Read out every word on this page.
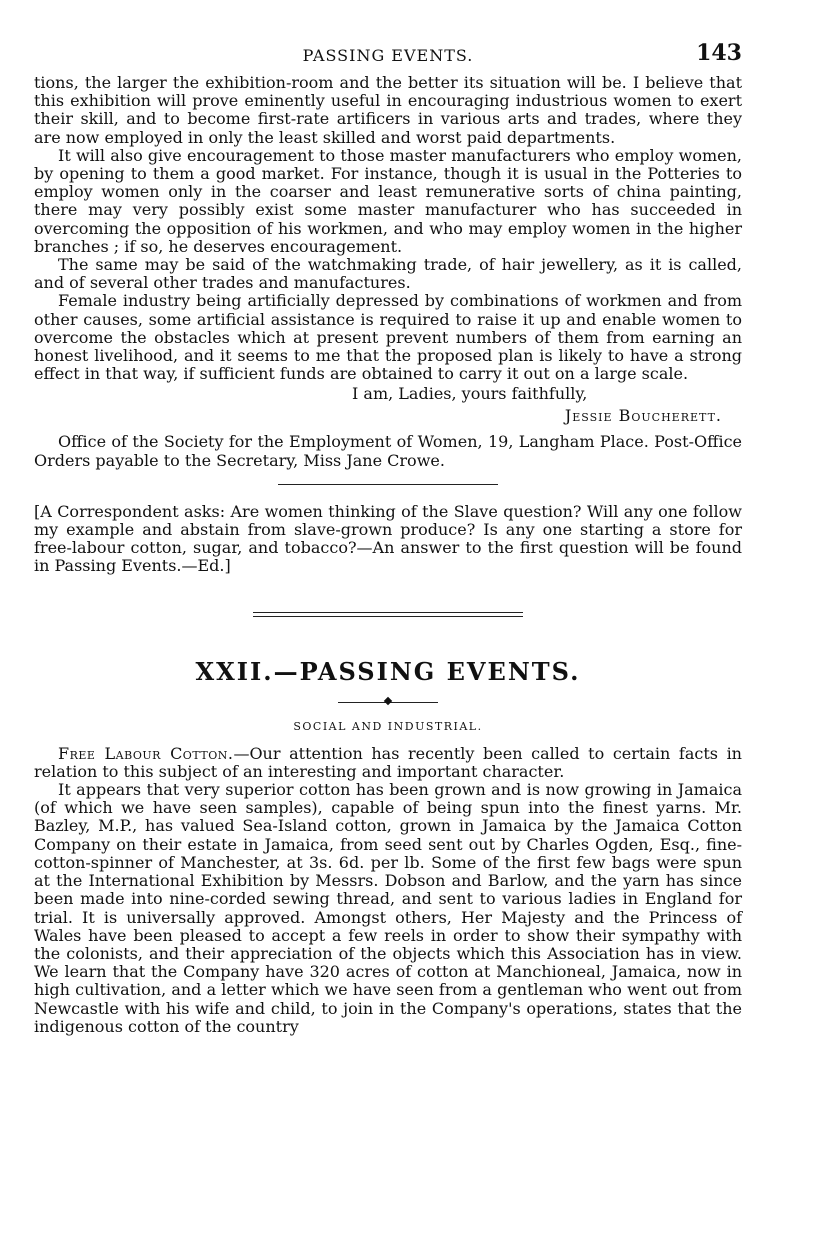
PASSING EVENTS.	143

tions, the larger the exhibition-room and the better its situation will be. I believe that this exhibition will prove eminently useful in encouraging industrious women to exert their skill, and to become first-rate artificers in various arts and trades, where they are now employed in only the least skilled and worst paid departments.

It will also give encouragement to those master manufacturers who employ women, by opening to them a good market. For instance, though it is usual in the Potteries to employ women only in the coarser and least remunerative sorts of china painting, there may very possibly exist some master manufacturer who has succeeded in overcoming the opposition of his workmen, and who may employ women in the higher branches ; if so, he deserves encouragement.

The same may be said of the watchmaking trade, of hair jewellery, as it is called, and of several other trades and manufactures.

Female industry being artificially depressed by combinations of workmen and from other causes, some artificial assistance is required to raise it up and enable women to overcome the obstacles which at present prevent numbers of them from earning an honest livelihood, and it seems to me that the proposed plan is likely to have a strong effect in that way, if sufficient funds are obtained to carry it out on a large scale.

I am, Ladies, yours faithfully,
Jessie Boucherett.

Office of the Society for the Employment of Women, 19, Langham Place. Post-Office Orders payable to the Secretary, Miss Jane Crowe.

[A Correspondent asks: Are women thinking of the Slave question? Will any one follow my example and abstain from slave-grown produce? Is any one starting a store for free-labour cotton, sugar, and tobacco?—An answer to the first question will be found in Passing Events.—Ed.]

XXII.—PASSING EVENTS.
SOCIAL AND INDUSTRIAL.

Free Labour Cotton.—Our attention has recently been called to certain facts in relation to this subject of an interesting and important character.

It appears that very superior cotton has been grown and is now growing in Jamaica (of which we have seen samples), capable of being spun into the finest yarns. Mr. Bazley, M.P., has valued Sea-Island cotton, grown in Jamaica by the Jamaica Cotton Company on their estate in Jamaica, from seed sent out by Charles Ogden, Esq., fine-cotton-spinner of Manchester, at 3s. 6d. per lb. Some of the first few bags were spun at the International Exhibition by Messrs. Dobson and Barlow, and the yarn has since been made into nine-corded sewing thread, and sent to various ladies in England for trial. It is universally approved. Amongst others, Her Majesty and the Princess of Wales have been pleased to accept a few reels in order to show their sympathy with the colonists, and their appreciation of the objects which this Association has in view. We learn that the Company have 320 acres of cotton at Manchioneal, Jamaica, now in high cultivation, and a letter which we have seen from a gentleman who went out from Newcastle with his wife and child, to join in the Company's operations, states that the indigenous cotton of the country
